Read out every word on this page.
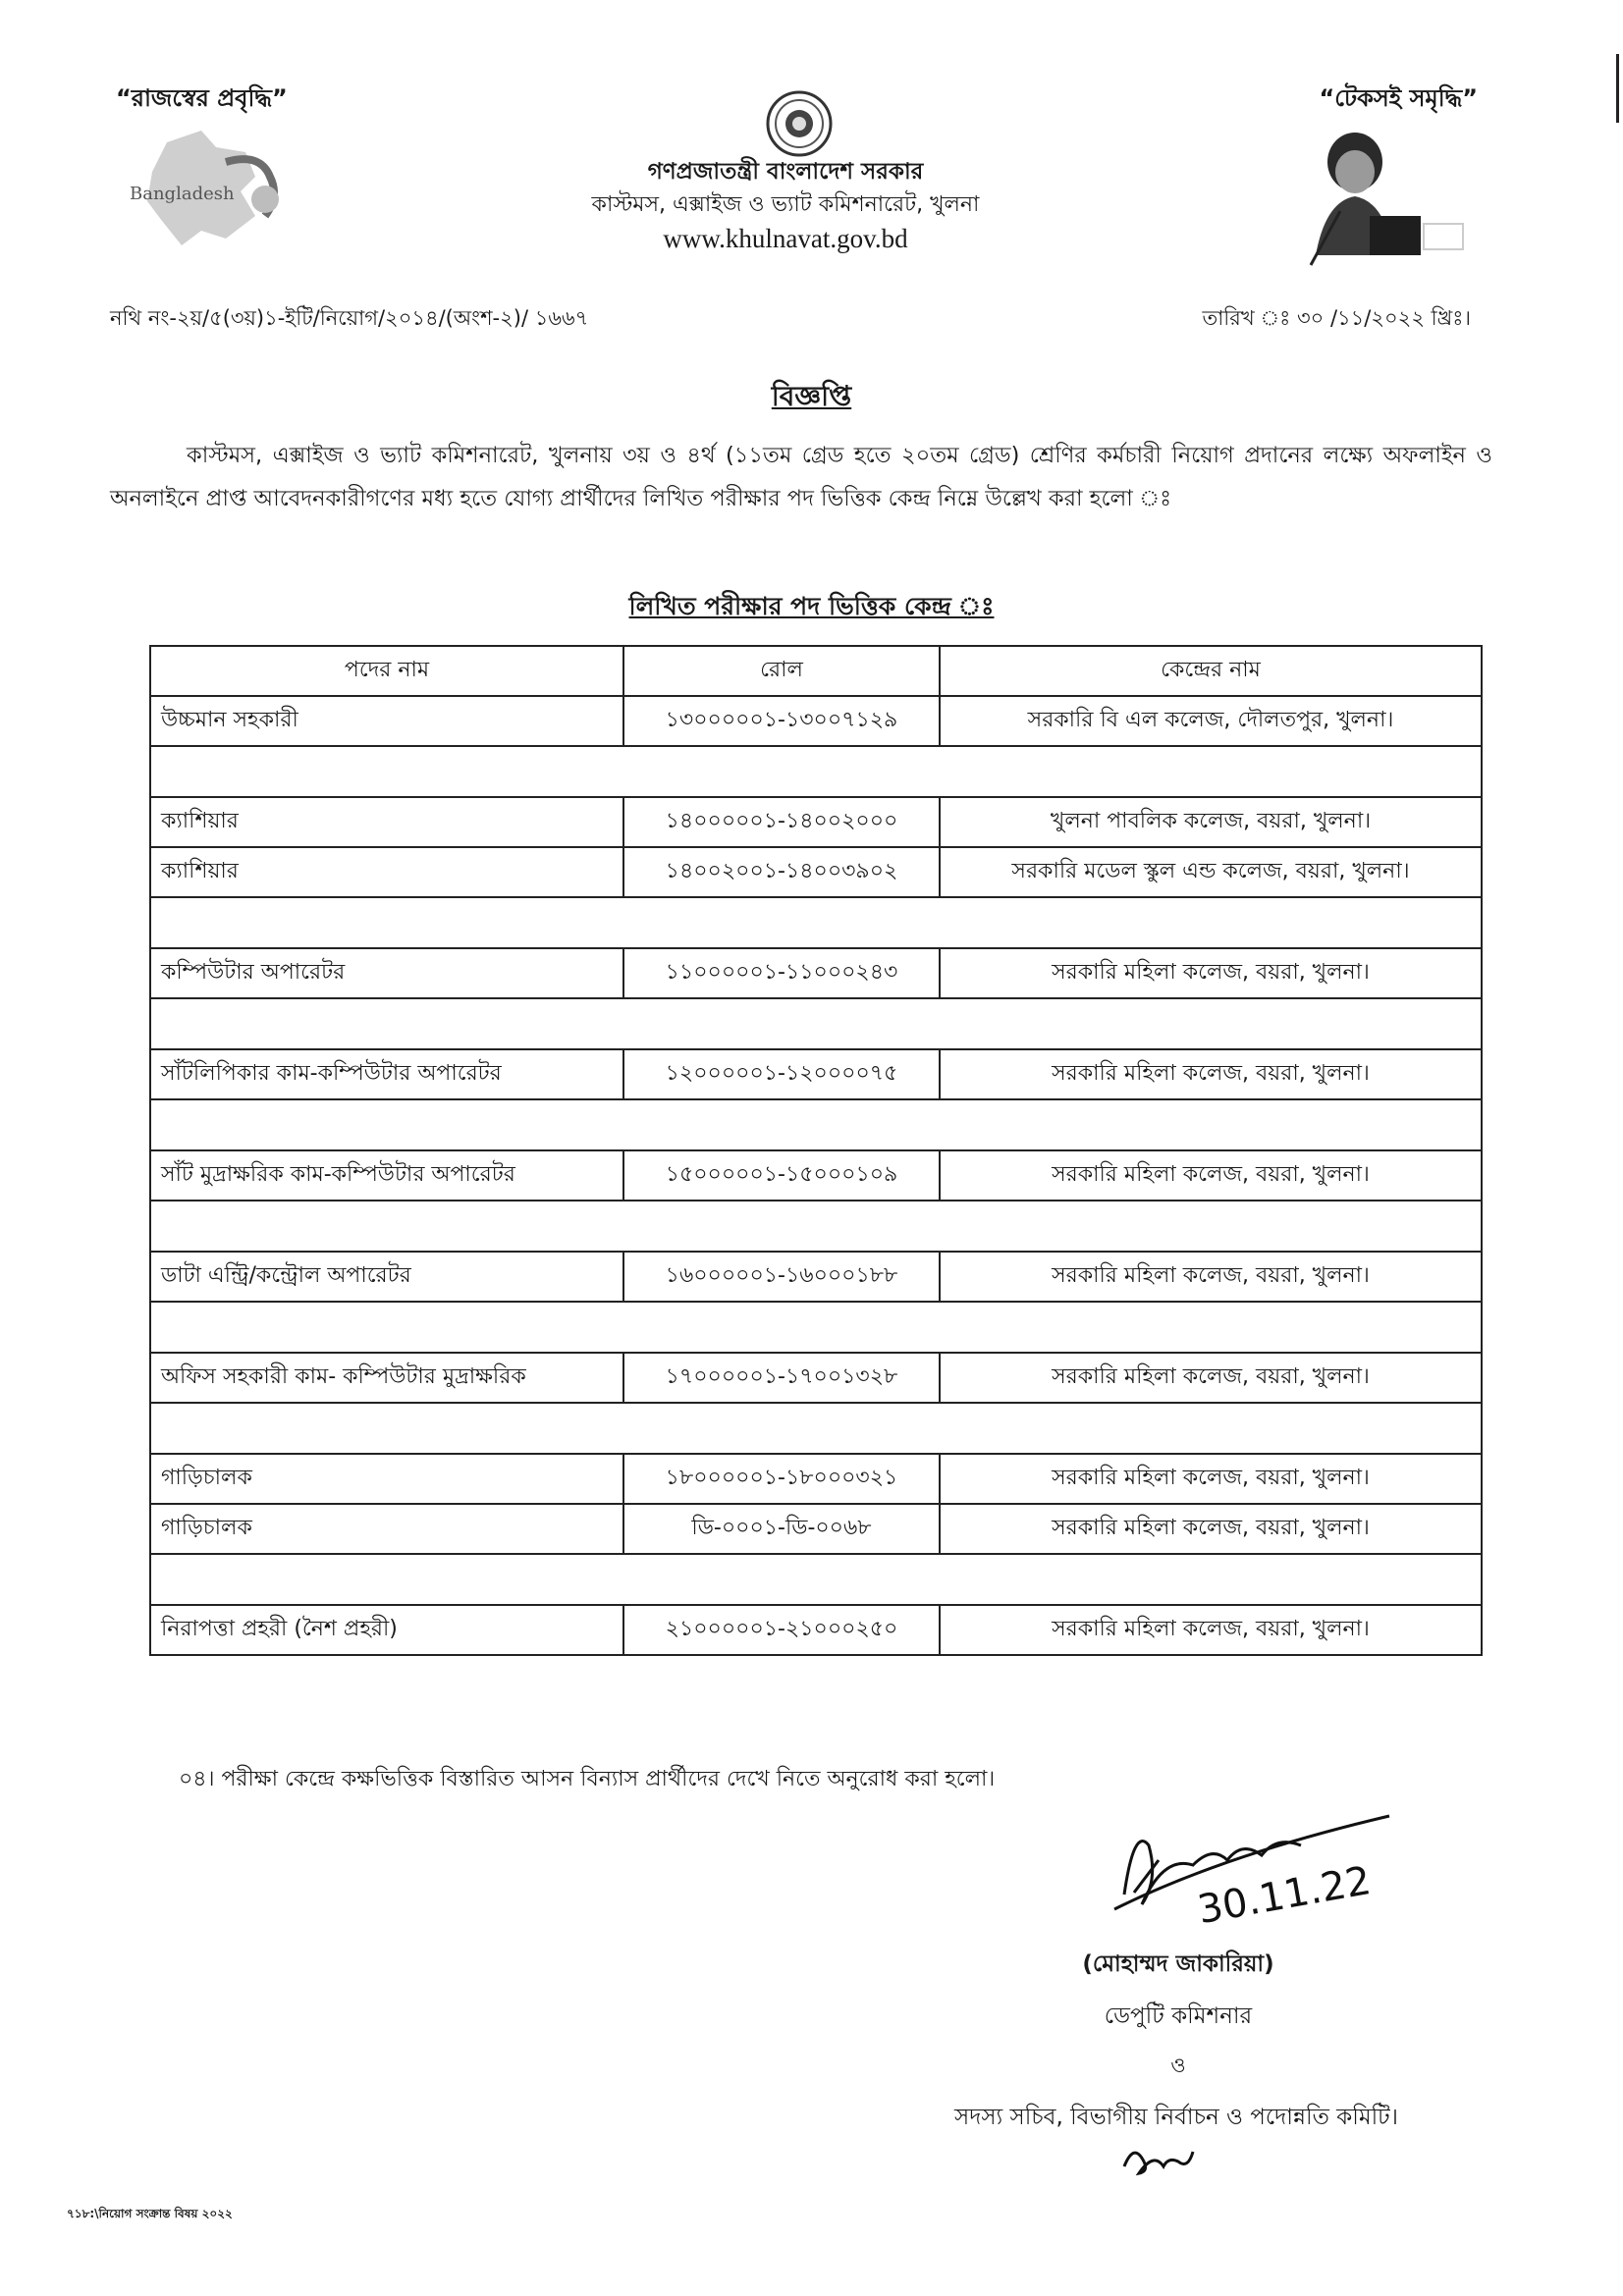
“রাজস্বের প্রবৃদ্ধি”	“টেকসই সমৃদ্ধি”
Bangladesh
গণপ্রজাতন্ত্রী বাংলাদেশ সরকার
কাস্টমস, এক্সাইজ ও ভ্যাট কমিশনারেট, খুলনা
www.khulnavat.gov.bd
নথি নং-২য়/৫(৩য়)১-ইটি/নিয়োগ/২০১৪/(অংশ-২)/ ১৬৬৭	তারিখ ঃ ৩০ /১১/২০২২ খ্রিঃ।
বিজ্ঞপ্তি
কাস্টমস, এক্সাইজ ও ভ্যাট কমিশনারেট, খুলনায় ৩য় ও ৪র্থ (১১তম গ্রেড হতে ২০তম গ্রেড) শ্রেণির কর্মচারী নিয়োগ প্রদানের লক্ষ্যে অফলাইন ও অনলাইনে প্রাপ্ত আবেদনকারীগণের মধ্য হতে যোগ্য প্রার্থীদের লিখিত পরীক্ষার পদ ভিত্তিক কেন্দ্র নিম্নে উল্লেখ করা হলো ঃ
লিখিত পরীক্ষার পদ ভিত্তিক কেন্দ্র ঃ
পদের নাম	রোল	কেন্দ্রের নাম
উচ্চমান সহকারী	১৩০০০০০১-১৩০০৭১২৯	সরকারি বি এল কলেজ, দৌলতপুর, খুলনা।

ক্যাশিয়ার	১৪০০০০০১-১৪০০২০০০	খুলনা পাবলিক কলেজ, বয়রা, খুলনা।
ক্যাশিয়ার	১৪০০২০০১-১৪০০৩৯০২	সরকারি মডেল স্কুল এন্ড কলেজ, বয়রা, খুলনা।

কম্পিউটার অপারেটর	১১০০০০০১-১১০০০২৪৩	সরকারি মহিলা কলেজ, বয়রা, খুলনা।

সাঁটলিপিকার কাম-কম্পিউটার অপারেটর	১২০০০০০১-১২০০০০৭৫	সরকারি মহিলা কলেজ, বয়রা, খুলনা।

সাঁট মুদ্রাক্ষরিক কাম-কম্পিউটার অপারেটর	১৫০০০০০১-১৫০০০১০৯	সরকারি মহিলা কলেজ, বয়রা, খুলনা।

ডাটা এন্ট্রি/কন্ট্রোল অপারেটর	১৬০০০০০১-১৬০০০১৮৮	সরকারি মহিলা কলেজ, বয়রা, খুলনা।

অফিস সহকারী কাম- কম্পিউটার মুদ্রাক্ষরিক	১৭০০০০০১-১৭০০১৩২৮	সরকারি মহিলা কলেজ, বয়রা, খুলনা।

গাড়িচালক	১৮০০০০০১-১৮০০০৩২১	সরকারি মহিলা কলেজ, বয়রা, খুলনা।
গাড়িচালক	ডি-০০০১-ডি-০০৬৮	সরকারি মহিলা কলেজ, বয়রা, খুলনা।

নিরাপত্তা প্রহরী (নৈশ প্রহরী)	২১০০০০০১-২১০০০২৫০	সরকারি মহিলা কলেজ, বয়রা, খুলনা।
০৪। পরীক্ষা কেন্দ্রে কক্ষভিত্তিক বিস্তারিত আসন বিন্যাস প্রার্থীদের দেখে নিতে অনুরোধ করা হলো।
30.11.22
(মোহাম্মদ জাকারিয়া)
ডেপুটি কমিশনার
ও
সদস্য সচিব, বিভাগীয় নির্বাচন ও পদোন্নতি কমিটি।
৭১৮:\নিয়োগ সংক্রান্ত বিষয় ২০২২
